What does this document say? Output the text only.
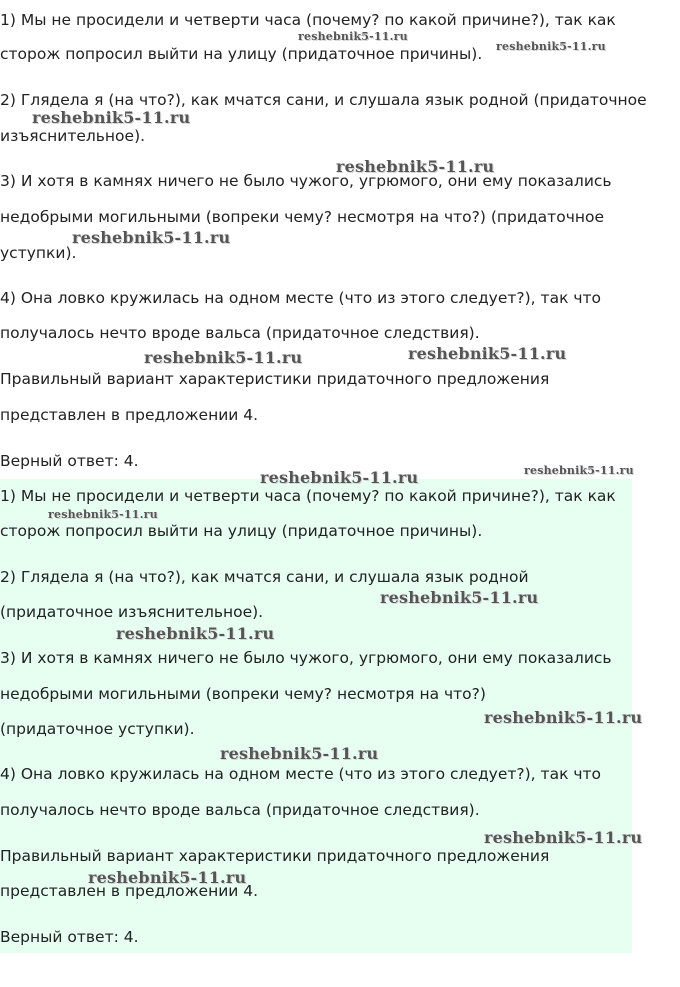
1) Мы не просидели и четверти часа (почему? по какой причине?), так как

сторож попросил выйти на улицу (придаточное причины).

2) Глядела я (на что?), как мчатся сани, и слушала язык родной (придаточное

изъяснительное).

3) И хотя в камнях ничего не было чужого, угрюмого, они ему показались

недобрыми могильными (вопреки чему? несмотря на что?) (придаточное

уступки).

4) Она ловко кружилась на одном месте (что из этого следует?), так что

получалось нечто вроде вальса (придаточное следствия).

Правильный вариант характеристики придаточного предложения

представлен в предложении 4.

Верный ответ: 4.

1) Мы не просидели и четверти часа (почему? по какой причине?), так как

сторож попросил выйти на улицу (придаточное причины).

2) Глядела я (на что?), как мчатся сани, и слушала язык родной

(придаточное изъяснительное).

3) И хотя в камнях ничего не было чужого, угрюмого, они ему показались

недобрыми могильными (вопреки чему? несмотря на что?)

(придаточное уступки).

4) Она ловко кружилась на одном месте (что из этого следует?), так что

получалось нечто вроде вальса (придаточное следствия).

Правильный вариант характеристики придаточного предложения

представлен в предложении 4.

Верный ответ: 4.

reshebnik5-11.ru
reshebnik5-11.ru
reshebnik5-11.ru
reshebnik5-11.ru
reshebnik5-11.ru
reshebnik5-11.ru	reshebnik5-11.ru
reshebnik5-11.ru	reshebnik5-11.ru
reshebnik5-11.ru
reshebnik5-11.ru
reshebnik5-11.ru
reshebnik5-11.ru
reshebnik5-11.ru
reshebnik5-11.ru
reshebnik5-11.ru
